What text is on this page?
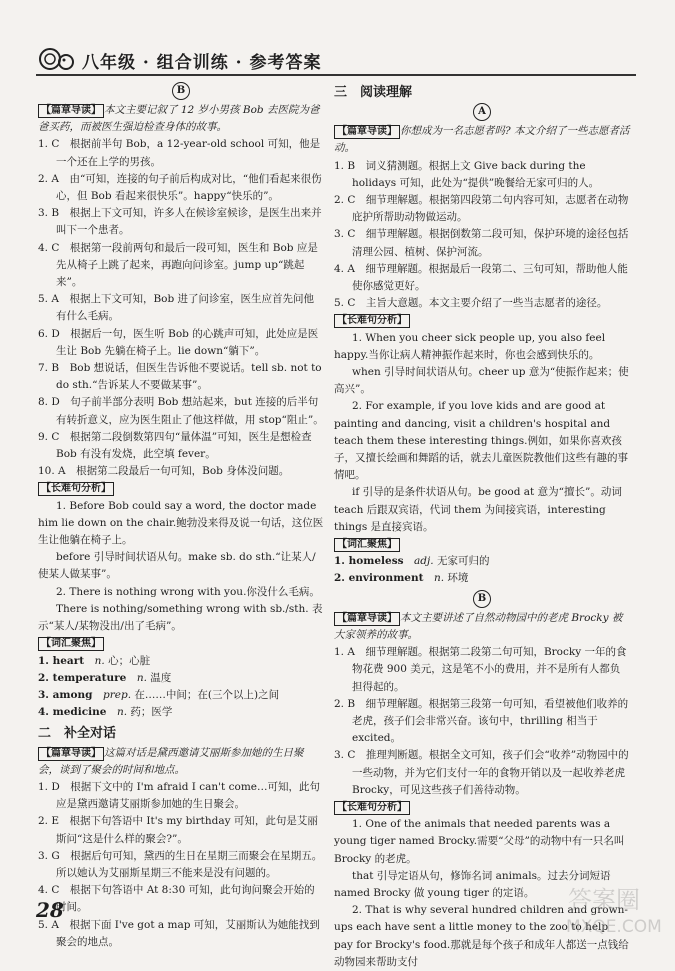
八年级 · 组合训练 · 参考答案
B

【篇章导读】 本文主要记叙了 12 岁小男孩 Bob 去医院为爸爸买药，而被医生强迫检查身体的故事。

1. C　根据前半句 Bob，a 12-year-old school 可知，他是一个还在上学的男孩。

2. A　由“可知，连接的句子前后构成对比，“他们看起来很伤心，但 Bob 看起来很快乐”。happy“快乐的”。

3. B　根据上下文可知，许多人在候诊室候诊，是医生出来并叫下一个患者。

4. C　根据第一段前两句和最后一段可知，医生和 Bob 应是先从椅子上跳了起来，再跑向问诊室。jump up“跳起来”。

5. A　根据上下文可知，Bob 进了问诊室，医生应首先问他有什么毛病。

6. D　根据后一句，医生听 Bob 的心跳声可知，此处应是医生让 Bob 先躺在椅子上。lie down“躺下”。

7. B　Bob 想说话，但医生告诉他不要说话。tell sb. not to do sth.“告诉某人不要做某事”。

8. D　句子前半部分表明 Bob 想站起来，but 连接的后半句有转折意义，应为医生阻止了他这样做，用 stop“阻止”。

9. C　根据第二段倒数第四句“量体温”可知，医生是想检查 Bob 有没有发烧，此空填 fever。

10. A　根据第二段最后一句可知，Bob 身体没问题。

【长难句分析】

1. Before Bob could say a word, the doctor made him lie down on the chair.鲍勃没来得及说一句话，这位医生让他躺在椅子上。

before 引导时间状语从句。make sb. do sth.“让某人/使某人做某事”。

2. There is nothing wrong with you.你没什么毛病。

There is nothing/something wrong with sb./sth. 表示“某人/某物没出/出了毛病”。

【词汇聚焦】

1. heart　 n. 心；心脏

2. temperature　 n. 温度

3. among　 prep. 在……中间；在(三个以上)之间

4. medicine　 n. 药；医学

二　补全对话

【篇章导读】 这篇对话是黛西邀请艾丽斯参加她的生日聚会，谈到了聚会的时间和地点。

1. D　根据下文中的 I'm afraid I can't come…可知，此句应是黛西邀请艾丽斯参加她的生日聚会。

2. E　根据下句答语中 It's my birthday 可知，此句是艾丽斯问“这是什么样的聚会?”。

3. G　根据后句可知，黛西的生日在星期三而聚会在星期五。所以她认为艾丽斯星期三不能来是没有问题的。

4. C　根据下句答语中 At 8:30 可知，此句询问聚会开始的时间。

5. A　根据下面 I've got a map 可知，艾丽斯认为她能找到聚会的地点。

三　阅读理解
A

【篇章导读】 你想成为一名志愿者吗? 本文介绍了一些志愿者活动。

1. B　词义猜测题。根据上文 Give back during the holidays 可知，此处为“提供”晚餐给无家可归的人。

2. C　细节理解题。根据第四段第二句内容可知，志愿者在动物庇护所帮助动物做运动。

3. C　细节理解题。根据倒数第二段可知，保护环境的途径包括清理公园、植树、保护河流。

4. A　细节理解题。根据最后一段第二、三句可知，帮助他人能使你感觉更好。

5. C　主旨大意题。本文主要介绍了一些当志愿者的途径。

【长难句分析】

1. When you cheer sick people up, you also feel happy.当你让病人精神振作起来时，你也会感到快乐的。

when 引导时间状语从句。cheer up 意为“使振作起来；使高兴”。

2. For example, if you love kids and are good at painting and dancing, visit a children's hospital and teach them these interesting things.例如，如果你喜欢孩子，又擅长绘画和舞蹈的话，就去儿童医院教他们这些有趣的事情吧。

if 引导的是条件状语从句。be good at 意为“擅长”。动词 teach 后跟双宾语，代词 them 为间接宾语，interesting things 是直接宾语。

【词汇聚焦】

1. homeless　 adj. 无家可归的

2. environment　 n. 环境

B

【篇章导读】 本文主要讲述了自然动物园中的老虎 Brocky 被大家领养的故事。

1. A　细节理解题。根据第二段第二句可知，Brocky 一年的食物花费 900 美元，这是笔不小的费用，并不是所有人都负担得起的。

2. B　细节理解题。根据第三段第一句可知，看望被他们收养的老虎，孩子们会非常兴奋。该句中，thrilling 相当于 excited。

3. C　推理判断题。根据全文可知，孩子们会“收养”动物园中的一些动物，并为它们支付一年的食物开销以及一起收养老虎 Brocky，可见这些孩子们善待动物。

【长难句分析】

1. One of the animals that needed parents was a young tiger named Brocky.需要“父母”的动物中有一只名叫 Brocky 的老虎。

that 引导定语从句，修饰名词 animals。过去分词短语 named Brocky 做 young tiger 的定语。

2. That is why several hundred children and grown-ups each have sent a little money to the zoo to help pay for Brocky's food.那就是每个孩子和成年人都送一点钱给动物园来帮助支付

28	答案圈
MXQE.COM
